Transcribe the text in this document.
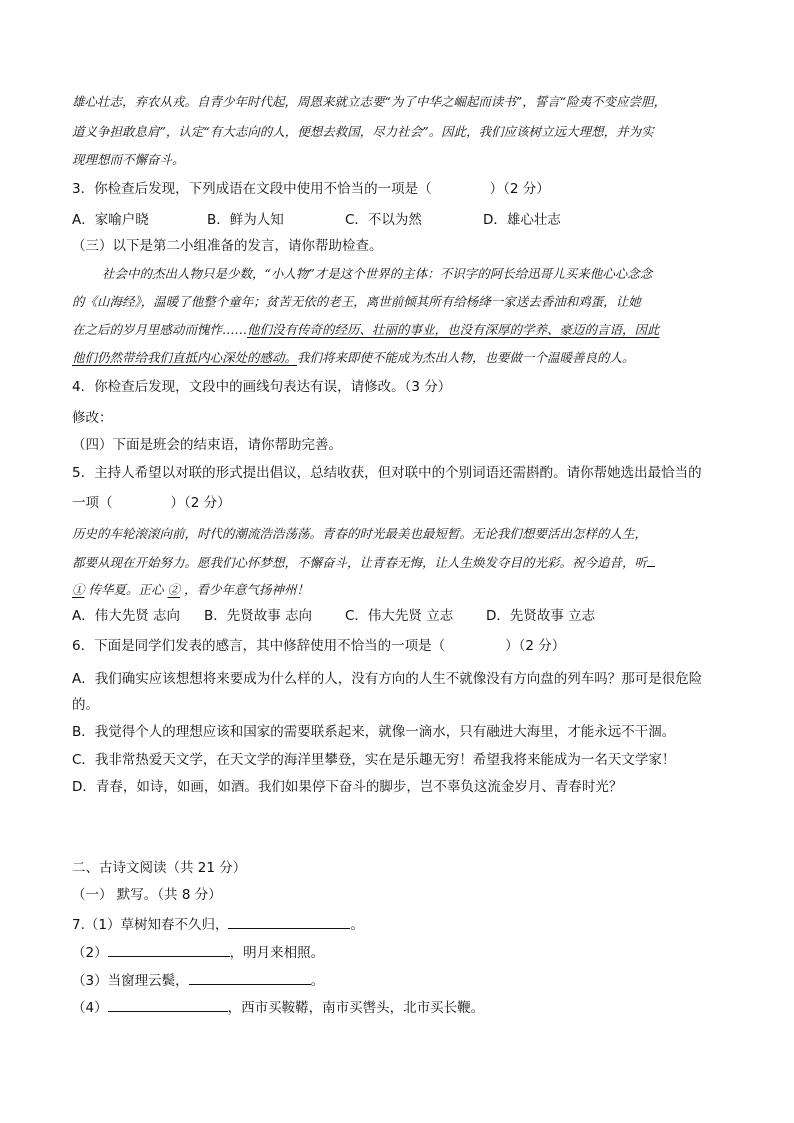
雄心壮志，弃农从戎。自青少年时代起，周恩来就立志要“为了中华之崛起而读书”，誓言“险夷不变应尝胆，
道义争担敢息肩”，认定“有大志向的人，便想去救国，尽力社会”。因此，我们应该树立远大理想，并为实
现理想而不懈奋斗。
3．你检查后发现，下列成语在文段中使用不恰当的一项是（	）（2 分）
A．家喻户晓	B．鲜为人知	C．不以为然	D．雄心壮志
（三）以下是第二小组准备的发言，请你帮助检查。
社会中的杰出人物只是少数，“小人物”才是这个世界的主体：不识字的阿长给迅哥儿买来他心心念念
的《山海经》，温暖了他整个童年；贫苦无依的老王，离世前倾其所有给杨绛一家送去香油和鸡蛋，让她
在之后的岁月里感动而愧怍……他们没有传奇的经历、壮丽的事业，也没有深厚的学养、豪迈的言语，因此
他们仍然带给我们直抵内心深处的感动。我们将来即使不能成为杰出人物，也要做一个温暖善良的人。
4．你检查后发现，文段中的画线句表达有误，请修改。（3 分）
修改：
（四）下面是班会的结束语，请你帮助完善。
5．主持人希望以对联的形式提出倡议，总结收获，但对联中的个别词语还需斟酌。请你帮她选出最恰当的
一项（	）（2 分）
历史的车轮滚滚向前，时代的潮流浩浩荡荡。青春的时光最美也最短暂。无论我们想要活出怎样的人生，
都要从现在开始努力。愿我们心怀梦想，不懈奋斗，让青春无悔，让人生焕发夺目的光彩。祝今追昔，听
① 传华夏。正心 ② ，看少年意气扬神州！
A．伟大先贤 志向 B．先贤故事 志向 C．伟大先贤 立志 D．先贤故事 立志
6．下面是同学们发表的感言，其中修辞使用不恰当的一项是（	）（2 分）
A．我们确实应该想想将来要成为什么样的人，没有方向的人生不就像没有方向盘的列车吗？那可是很危险
的。
B．我觉得个人的理想应该和国家的需要联系起来，就像一滴水，只有融进大海里，才能永远不干涸。
C．我非常热爱天文学，在天文学的海洋里攀登，实在是乐趣无穷！希望我将来能成为一名天文学家！
D．青春，如诗，如画，如酒。我们如果停下奋斗的脚步，岂不辜负这流金岁月、青春时光？
二、古诗文阅读（共 21 分）
（一） 默写。（共 8 分）
7.（1）草树知春不久归，	。
（2）	，明月来相照。
（3）当窗理云鬓，	。
（4）	，西市买鞍鞯，南市买辔头，北市买长鞭。
